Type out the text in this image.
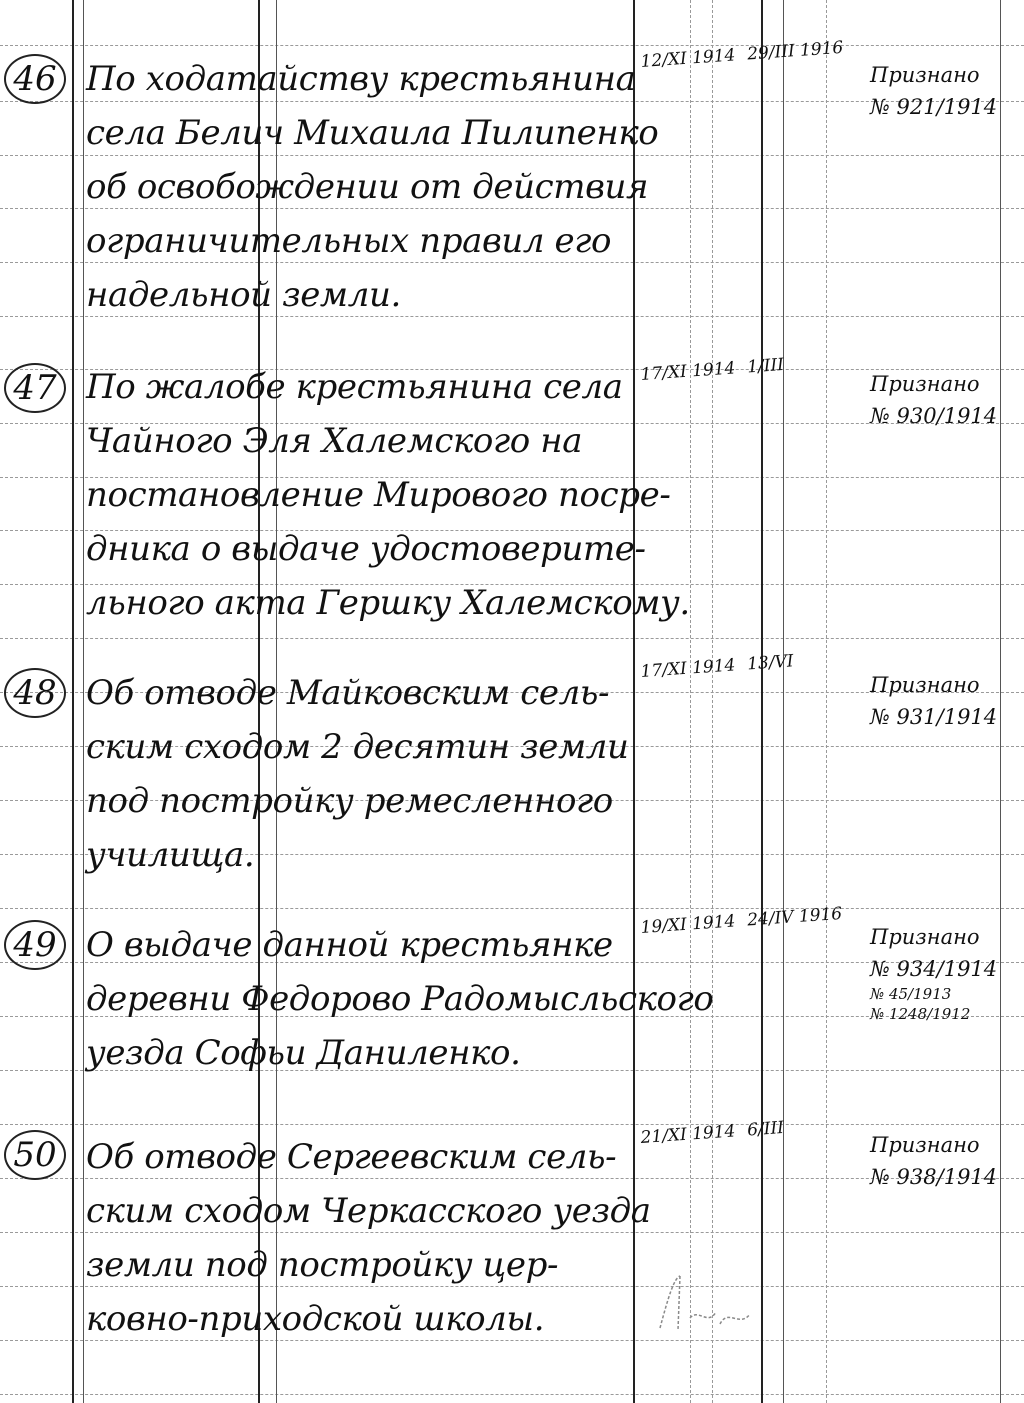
46 По ходатайству крестьянина
села Белич Михаила Пилипенко
об освобождении от действия
ограничительных правил его
надельной земли.
12/XI 1914 29/III 1916
Признано
№ 921/1914
47 По жалобе крестьянина села
Чайного Эля Халемского на
постановление Мирового посре-
дника о выдаче удостоверите-
льного акта Гершку Халемскому.
17/XI 1914 1/III
Признано
№ 930/1914
48 Об отводе Майковским сель-
ским сходом 2 десятин земли
под постройку ремесленного
училища.
17/XI 1914 13/VI
Признано
№ 931/1914
49 О выдаче данной крестьянке
деревни Федорово Радомысльского
уезда Софьи Даниленко.
19/XI 1914 24/IV 1916
Признано
№ 934/1914
№ 45/1913
№ 1248/1912
50 Об отводе Сергеевским сель-
ским сходом Черкасского уезда
земли под постройку цер-
ковно-приходской школы.
21/XI 1914 6/III
Признано
№ 938/1914
